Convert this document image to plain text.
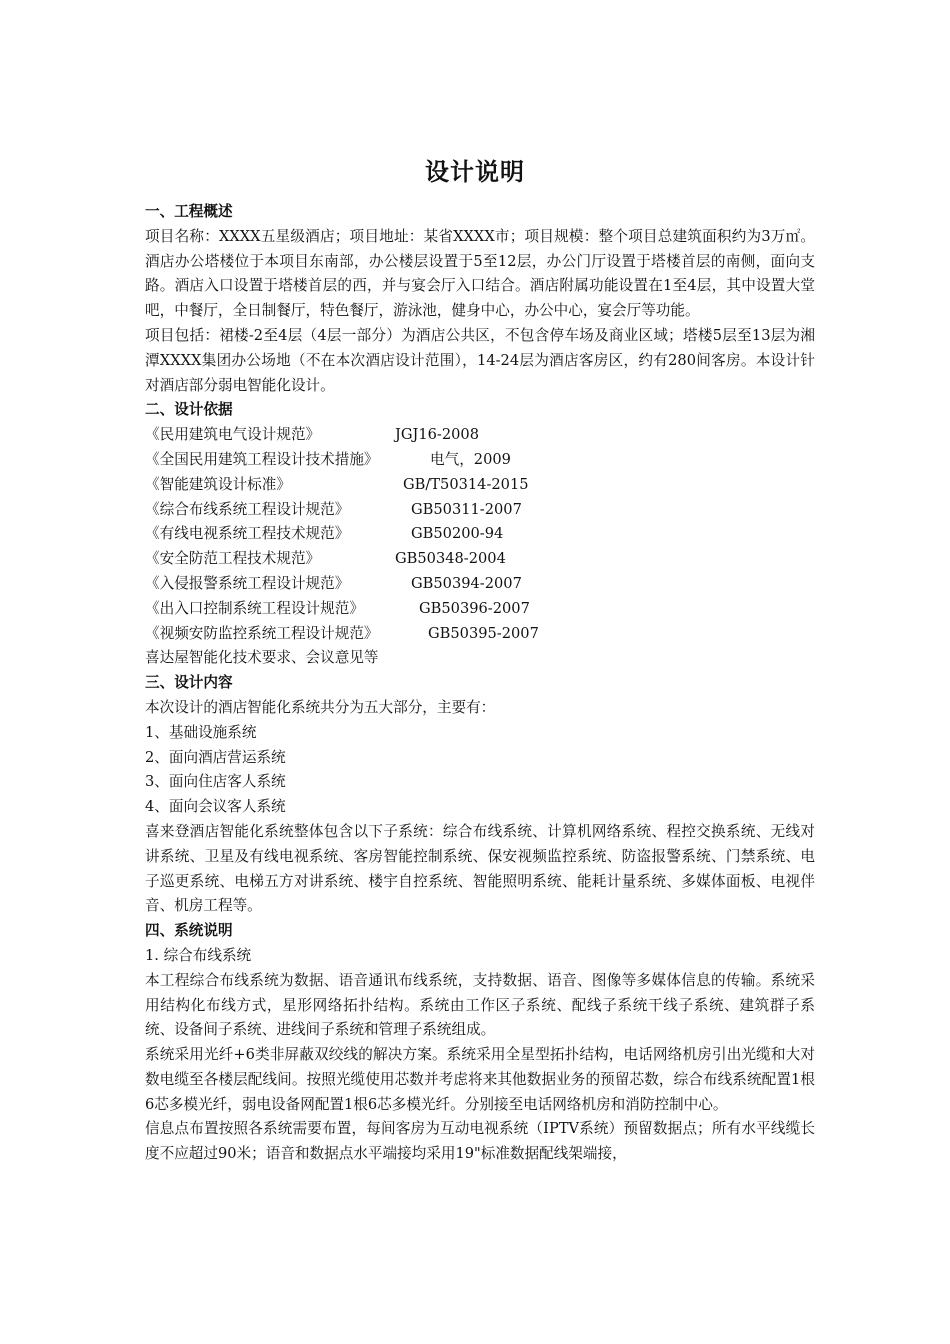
设计说明

一、工程概述

项目名称：XXXX五星级酒店；项目地址：某省XXXX市；项目规模：整个项目总建筑面积约为3万㎡。酒店办公塔楼位于本项目东南部，办公楼层设置于5至12层，办公门厅设置于塔楼首层的南侧，面向支路。酒店入口设置于塔楼首层的西，并与宴会厅入口结合。酒店附属功能设置在1至4层，其中设置大堂吧，中餐厅，全日制餐厅，特色餐厅，游泳池，健身中心，办公中心，宴会厅等功能。

项目包括：裙楼-2至4层（4层一部分）为酒店公共区，不包含停车场及商业区域；塔楼5层至13层为湘潭XXXX集团办公场地（不在本次酒店设计范围），14-24层为酒店客房区，约有280间客房。本设计针对酒店部分弱电智能化设计。

二、设计依据

《民用建筑电气设计规范》	JGJ16-2008
《全国民用建筑工程设计技术措施》	电气，2009
《智能建筑设计标准》	GB/T50314-2015
《综合布线系统工程设计规范》	GB50311-2007
《有线电视系统工程技术规范》	GB50200-94
《安全防范工程技术规范》	GB50348-2004
《入侵报警系统工程设计规范》	GB50394-2007
《出入口控制系统工程设计规范》	GB50396-2007
《视频安防监控系统工程设计规范》	GB50395-2007

喜达屋智能化技术要求、会议意见等

三、设计内容

本次设计的酒店智能化系统共分为五大部分，主要有：

1、基础设施系统

2、面向酒店营运系统

3、面向住店客人系统

4、面向会议客人系统

喜来登酒店智能化系统整体包含以下子系统：综合布线系统、计算机网络系统、程控交换系统、无线对讲系统、卫星及有线电视系统、客房智能控制系统、保安视频监控系统、防盗报警系统、门禁系统、电子巡更系统、电梯五方对讲系统、楼宇自控系统、智能照明系统、能耗计量系统、多媒体面板、电视伴音、机房工程等。

四、系统说明

1. 综合布线系统

本工程综合布线系统为数据、语音通讯布线系统，支持数据、语音、图像等多媒体信息的传输。系统采用结构化布线方式，星形网络拓扑结构。系统由工作区子系统、配线子系统干线子系统、建筑群子系统、设备间子系统、进线间子系统和管理子系统组成。

系统采用光纤+6类非屏蔽双绞线的解决方案。系统采用全星型拓扑结构，电话网络机房引出光缆和大对数电缆至各楼层配线间。按照光缆使用芯数并考虑将来其他数据业务的预留芯数，综合布线系统配置1根6芯多模光纤，弱电设备网配置1根6芯多模光纤。分别接至电话网络机房和消防控制中心。

信息点布置按照各系统需要布置，每间客房为互动电视系统（IPTV系统）预留数据点；所有水平线缆长度不应超过90米；语音和数据点水平端接均采用19"标准数据配线架端接，
